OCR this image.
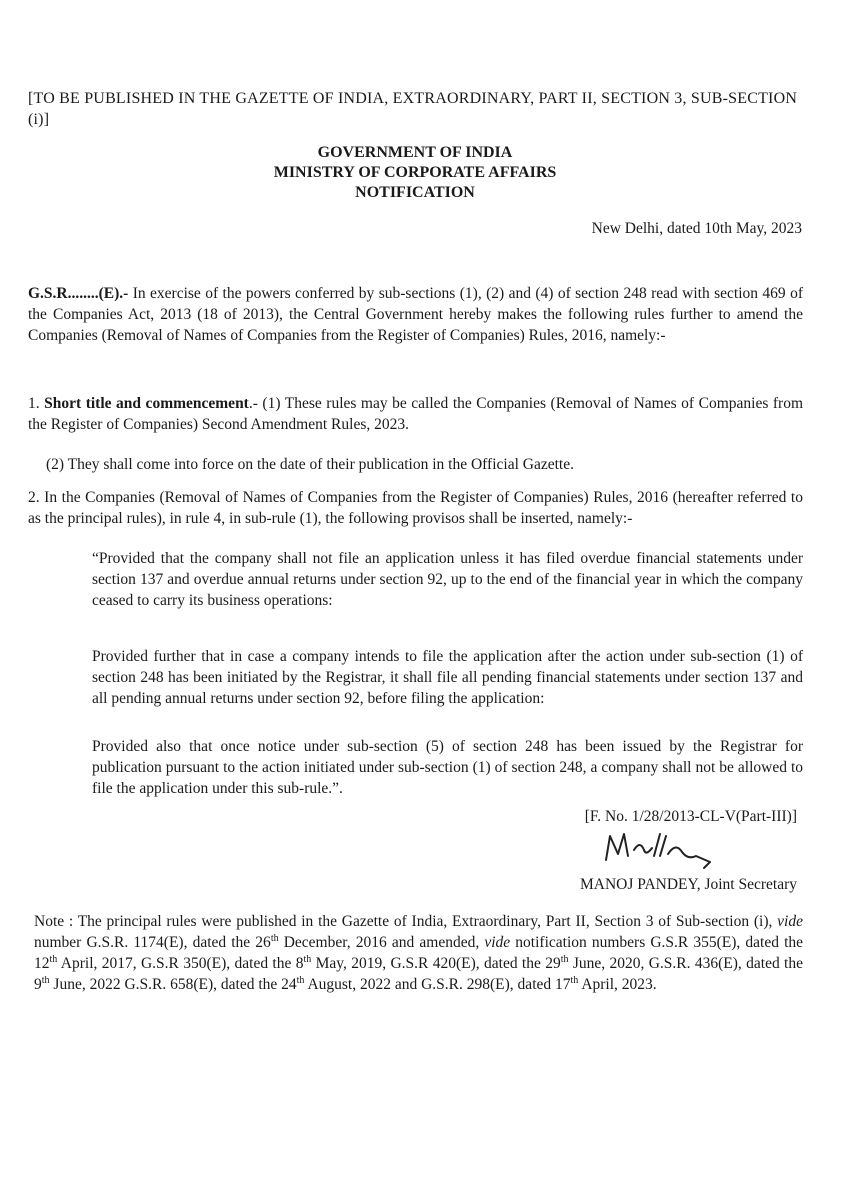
[TO BE PUBLISHED IN THE GAZETTE OF INDIA, EXTRAORDINARY, PART II, SECTION 3, SUB-SECTION (i)]
GOVERNMENT OF INDIA
MINISTRY OF CORPORATE AFFAIRS
NOTIFICATION
New Delhi, dated 10th May, 2023
G.S.R........(E).- In exercise of the powers conferred by sub-sections (1), (2) and (4) of section 248 read with section 469 of the Companies Act, 2013 (18 of 2013), the Central Government hereby makes the following rules further to amend the Companies (Removal of Names of Companies from the Register of Companies) Rules, 2016, namely:-
1. Short title and commencement.- (1) These rules may be called the Companies (Removal of Names of Companies from the Register of Companies) Second Amendment Rules, 2023.
(2) They shall come into force on the date of their publication in the Official Gazette.
2. In the Companies (Removal of Names of Companies from the Register of Companies) Rules, 2016 (hereafter referred to as the principal rules), in rule 4, in sub-rule (1), the following provisos shall be inserted, namely:-
“Provided that the company shall not file an application unless it has filed overdue financial statements under section 137 and overdue annual returns under section 92, up to the end of the financial year in which the company ceased to carry its business operations:
Provided further that in case a company intends to file the application after the action under sub-section (1) of section 248 has been initiated by the Registrar, it shall file all pending financial statements under section 137 and all pending annual returns under section 92, before filing the application:
Provided also that once notice under sub-section (5) of section 248 has been issued by the Registrar for publication pursuant to the action initiated under sub-section (1) of section 248, a company shall not be allowed to file the application under this sub-rule.”.
[F. No. 1/28/2013-CL-V(Part-III)]
MANOJ PANDEY, Joint Secretary
Note : The principal rules were published in the Gazette of India, Extraordinary, Part II, Section 3 of Sub-section (i), vide number G.S.R. 1174(E), dated the 26th December, 2016 and amended, vide notification numbers G.S.R 355(E), dated the 12th April, 2017, G.S.R 350(E), dated the 8th May, 2019, G.S.R 420(E), dated the 29th June, 2020, G.S.R. 436(E), dated the 9th June, 2022 G.S.R. 658(E), dated the 24th August, 2022 and G.S.R. 298(E), dated 17th April, 2023.
